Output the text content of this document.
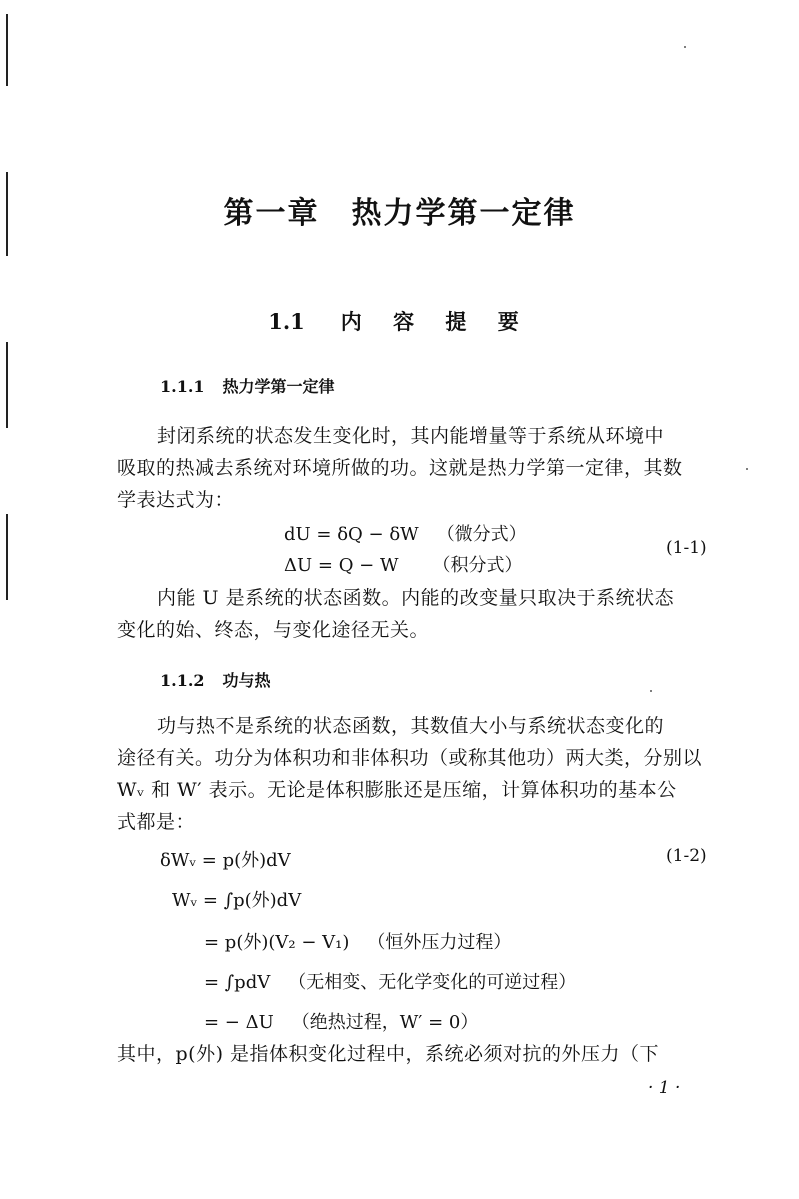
第一章　热力学第一定律
1.1 内 容 提 要
1.1.1 热力学第一定律

封闭系统的状态发生变化时，其内能增量等于系统从环境中

吸取的热减去系统对环境所做的功。这就是热力学第一定律，其数

学表达式为：

dU = δQ − δW （微分式）
ΔU = Q − W （积分式）
(1-1)

内能 U 是系统的状态函数。内能的改变量只取决于系统状态

变化的始、终态，与变化途径无关。

1.1.2 功与热

功与热不是系统的状态函数，其数值大小与系统状态变化的

途径有关。功分为体积功和非体积功（或称其他功）两大类，分别以

Wᵥ 和 W′ 表示。无论是体积膨胀还是压缩，计算体积功的基本公

式都是：

δWᵥ = p(外)dV	(1-2)
Wᵥ = ∫p(外)dV
= p(外)(V₂ − V₁) （恒外压力过程）
= ∫pdV （无相变、无化学变化的可逆过程）
= − ΔU （绝热过程，W′ = 0）

其中，p(外) 是指体积变化过程中，系统必须对抗的外压力（下

· 1 ·
